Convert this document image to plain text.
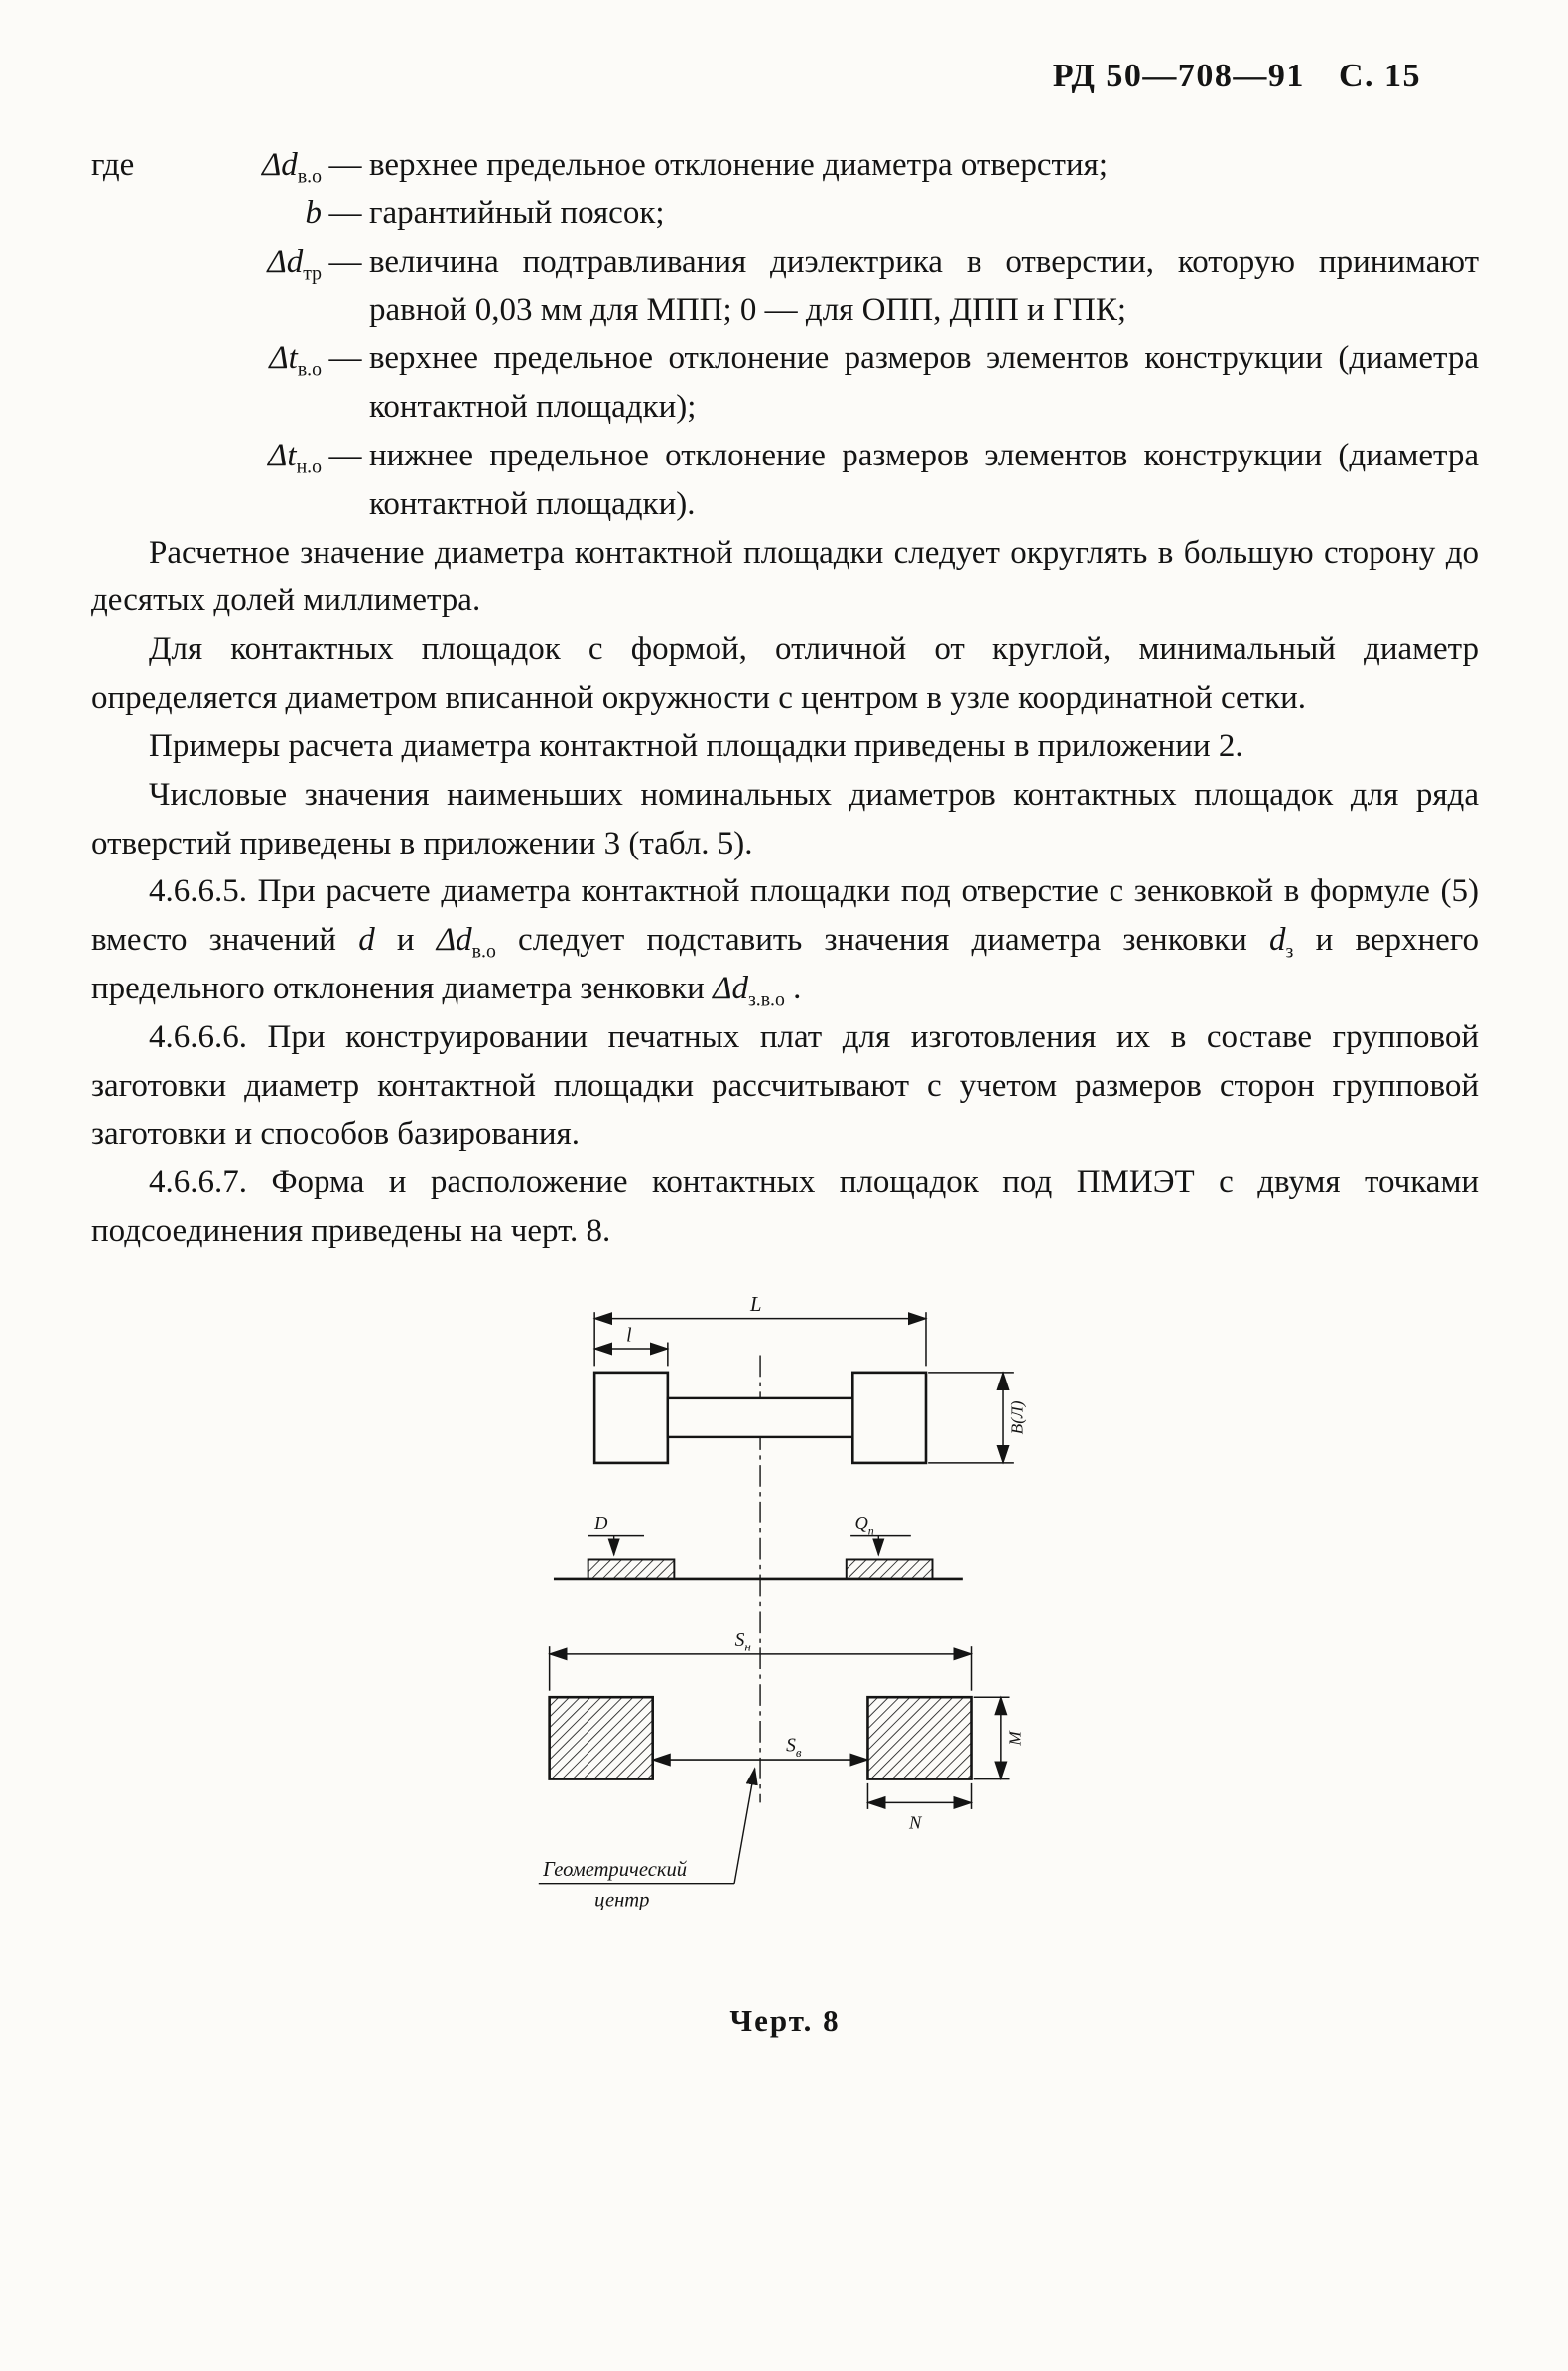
РД 50—708—91 С. 15
где	$\Delta d_{в.о}$ — верхнее предельное отклонение диаметра отверстия;
b — гарантийный поясок;
$\Delta d_{тр}$ — величина подтравливания диэлектрика в отверстии, которую принимают равной 0,03 мм для МПП; 0 — для ОПП, ДПП и ГПК;
$\Delta t_{в.о}$ — верхнее предельное отклонение размеров элементов конструкции (диаметра контактной площадки);
$\Delta t_{н.о}$ — нижнее предельное отклонение размеров элементов конструкции (диаметра контактной площадки).

Расчетное значение диаметра контактной площадки следует округлять в большую сторону до десятых долей миллиметра.

Для контактных площадок с формой, отличной от круглой, минимальный диаметр определяется диаметром вписанной окружности с центром в узле координатной сетки.

Примеры расчета диаметра контактной площадки приведены в приложении 2.

Числовые значения наименьших номинальных диаметров контактных площадок для ряда отверстий приведены в приложении 3 (табл. 5).

4.6.6.5. При расчете диаметра контактной площадки под отверстие с зенковкой в формуле (5) вместо значений d и $\Delta d_{в.о}$ следует подставить значения диаметра зенковки $d_з$ и верхнего предельного отклонения диаметра зенковки $\Delta d_{з.в.о}$ .

4.6.6.6. При конструировании печатных плат для изготовления их в составе групповой заготовки диаметр контактной площадки рассчитывают с учетом размеров сторон групповой заготовки и способов базирования.

4.6.6.7. Форма и расположение контактных площадок под ПМИЭТ с двумя точками подсоединения приведены на черт. 8.

L
l
В(Л)
D	$Q_п$
$S_н$
$S_в$
M
N
Геометрический
центр
Черт. 8
